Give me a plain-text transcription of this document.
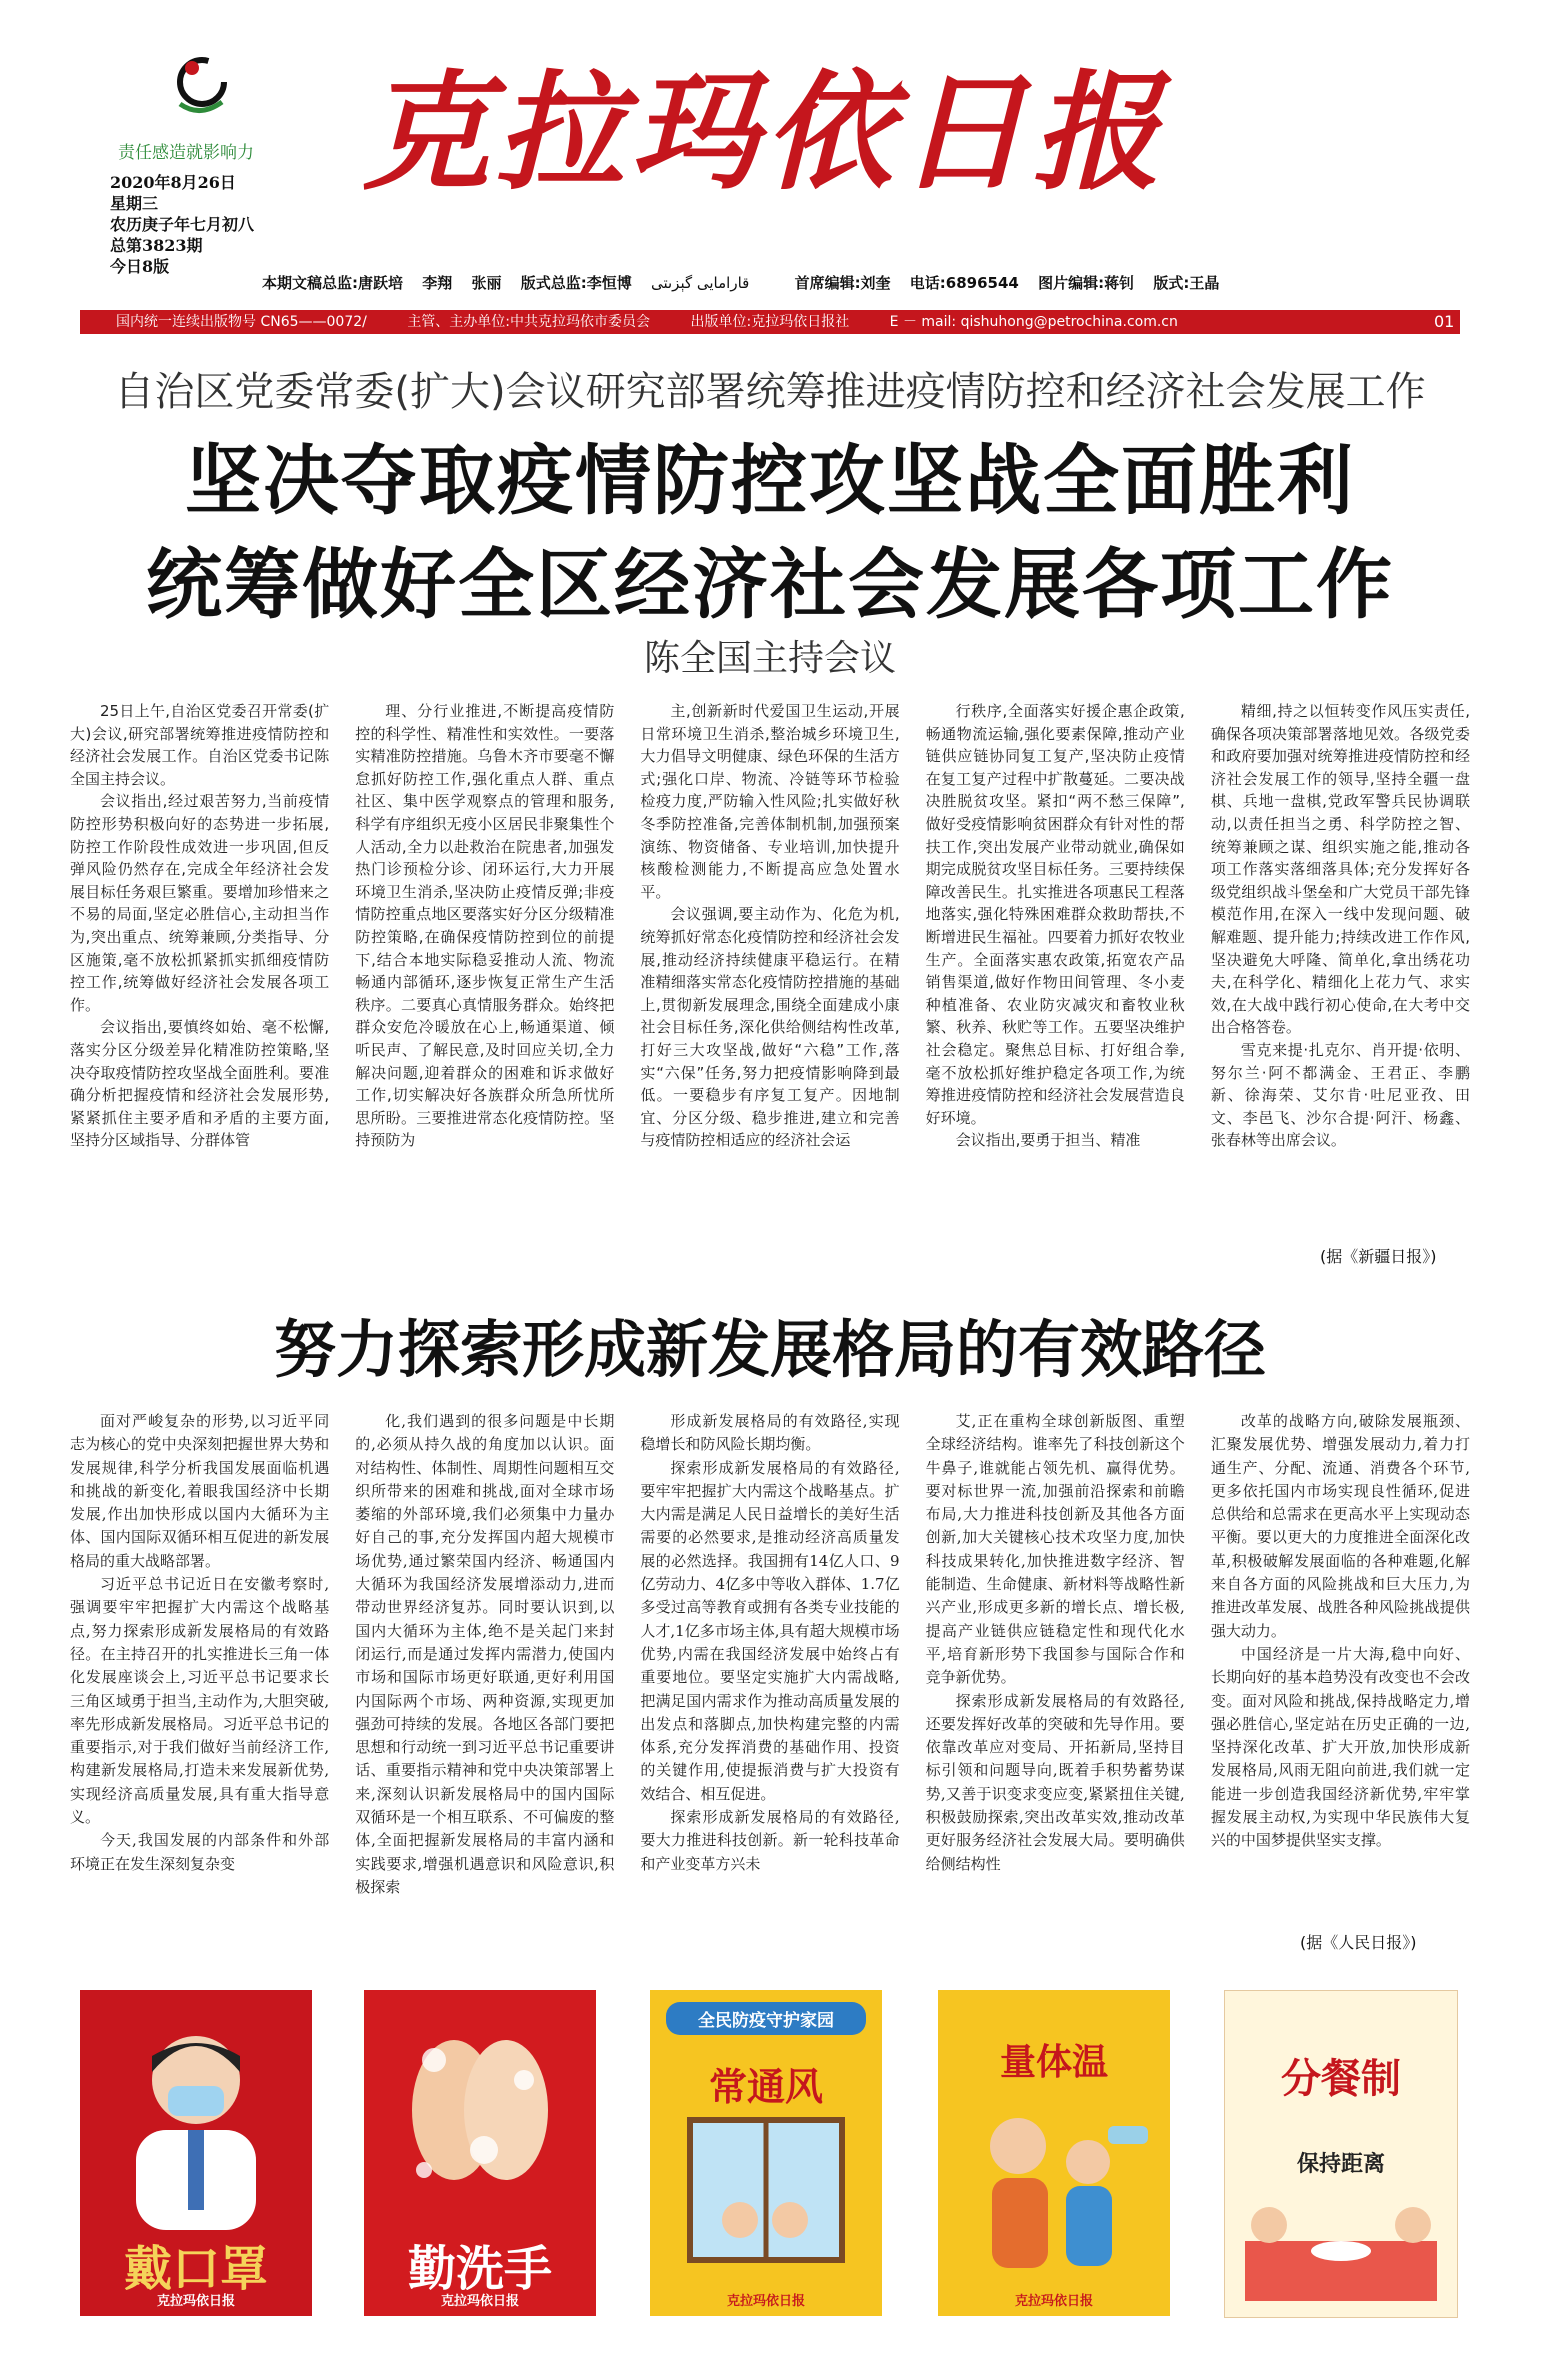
责任感造就影响力
2020年8月26日
星期三
农历庚子年七月初八
总第3823期
今日8版
克拉玛依日报
本期文稿总监:唐跃培 李翔 张丽 版式总监:李恒博 قارامايى گېزىتى	首席编辑:刘奎 电话:6896544 图片编辑:蒋钊 版式:王晶
国内统一连续出版物号 CN65——0072/	主管、主办单位:中共克拉玛依市委员会	出版单位:克拉玛依日报社	E － mail: qishuhong@petrochina.com.cn	01
自治区党委常委(扩大)会议研究部署统筹推进疫情防控和经济社会发展工作
坚决夺取疫情防控攻坚战全面胜利
统筹做好全区经济社会发展各项工作
陈全国主持会议

25日上午,自治区党委召开常委(扩大)会议,研究部署统筹推进疫情防控和经济社会发展工作。自治区党委书记陈全国主持会议。

会议指出,经过艰苦努力,当前疫情防控形势积极向好的态势进一步拓展,防控工作阶段性成效进一步巩固,但反弹风险仍然存在,完成全年经济社会发展目标任务艰巨繁重。要增加珍惜来之不易的局面,坚定必胜信心,主动担当作为,突出重点、统筹兼顾,分类指导、分区施策,毫不放松抓紧抓实抓细疫情防控工作,统筹做好经济社会发展各项工作。

会议指出,要慎终如始、毫不松懈,落实分区分级差异化精准防控策略,坚决夺取疫情防控攻坚战全面胜利。要准确分析把握疫情和经济社会发展形势,紧紧抓住主要矛盾和矛盾的主要方面,坚持分区域指导、分群体管

理、分行业推进,不断提高疫情防控的科学性、精准性和实效性。一要落实精准防控措施。乌鲁木齐市要毫不懈怠抓好防控工作,强化重点人群、重点社区、集中医学观察点的管理和服务,科学有序组织无疫小区居民非聚集性个人活动,全力以赴救治在院患者,加强发热门诊预检分诊、闭环运行,大力开展环境卫生消杀,坚决防止疫情反弹;非疫情防控重点地区要落实好分区分级精准防控策略,在确保疫情防控到位的前提下,结合本地实际稳妥推动人流、物流畅通内部循环,逐步恢复正常生产生活秩序。二要真心真情服务群众。始终把群众安危冷暖放在心上,畅通渠道、倾听民声、了解民意,及时回应关切,全力解决问题,迎着群众的困难和诉求做好工作,切实解决好各族群众所急所忧所思所盼。三要推进常态化疫情防控。坚持预防为

主,创新新时代爱国卫生运动,开展日常环境卫生消杀,整治城乡环境卫生,大力倡导文明健康、绿色环保的生活方式;强化口岸、物流、冷链等环节检验检疫力度,严防输入性风险;扎实做好秋冬季防控准备,完善体制机制,加强预案演练、物资储备、专业培训,加快提升核酸检测能力,不断提高应急处置水平。

会议强调,要主动作为、化危为机,统筹抓好常态化疫情防控和经济社会发展,推动经济持续健康平稳运行。在精准精细落实常态化疫情防控措施的基础上,贯彻新发展理念,围绕全面建成小康社会目标任务,深化供给侧结构性改革,打好三大攻坚战,做好“六稳”工作,落实“六保”任务,努力把疫情影响降到最低。一要稳步有序复工复产。因地制宜、分区分级、稳步推进,建立和完善与疫情防控相适应的经济社会运

行秩序,全面落实好援企惠企政策,畅通物流运输,强化要素保障,推动产业链供应链协同复工复产,坚决防止疫情在复工复产过程中扩散蔓延。二要决战决胜脱贫攻坚。紧扣“两不愁三保障”,做好受疫情影响贫困群众有针对性的帮扶工作,突出发展产业带动就业,确保如期完成脱贫攻坚目标任务。三要持续保障改善民生。扎实推进各项惠民工程落地落实,强化特殊困难群众救助帮扶,不断增进民生福祉。四要着力抓好农牧业生产。全面落实惠农政策,拓宽农产品销售渠道,做好作物田间管理、冬小麦种植准备、农业防灾减灾和畜牧业秋繁、秋养、秋贮等工作。五要坚决维护社会稳定。聚焦总目标、打好组合拳,毫不放松抓好维护稳定各项工作,为统筹推进疫情防控和经济社会发展营造良好环境。

会议指出,要勇于担当、精准

精细,持之以恒转变作风压实责任,确保各项决策部署落地见效。各级党委和政府要加强对统筹推进疫情防控和经济社会发展工作的领导,坚持全疆一盘棋、兵地一盘棋,党政军警兵民协调联动,以责任担当之勇、科学防控之智、统筹兼顾之谋、组织实施之能,推动各项工作落实落细落具体;充分发挥好各级党组织战斗堡垒和广大党员干部先锋模范作用,在深入一线中发现问题、破解难题、提升能力;持续改进工作作风,坚决避免大呼隆、简单化,拿出绣花功夫,在科学化、精细化上花力气、求实效,在大战中践行初心使命,在大考中交出合格答卷。

雪克来提·扎克尔、肖开提·依明、努尔兰·阿不都满金、王君正、李鹏新、徐海荣、艾尔肯·吐尼亚孜、田文、李邑飞、沙尔合提·阿汗、杨鑫、张春林等出席会议。

(据《新疆日报》)
努力探索形成新发展格局的有效路径

面对严峻复杂的形势,以习近平同志为核心的党中央深刻把握世界大势和发展规律,科学分析我国发展面临机遇和挑战的新变化,着眼我国经济中长期发展,作出加快形成以国内大循环为主体、国内国际双循环相互促进的新发展格局的重大战略部署。

习近平总书记近日在安徽考察时,强调要牢牢把握扩大内需这个战略基点,努力探索形成新发展格局的有效路径。在主持召开的扎实推进长三角一体化发展座谈会上,习近平总书记要求长三角区域勇于担当,主动作为,大胆突破,率先形成新发展格局。习近平总书记的重要指示,对于我们做好当前经济工作,构建新发展格局,打造未来发展新优势,实现经济高质量发展,具有重大指导意义。

今天,我国发展的内部条件和外部环境正在发生深刻复杂变

化,我们遇到的很多问题是中长期的,必须从持久战的角度加以认识。面对结构性、体制性、周期性问题相互交织所带来的困难和挑战,面对全球市场萎缩的外部环境,我们必须集中力量办好自己的事,充分发挥国内超大规模市场优势,通过繁荣国内经济、畅通国内大循环为我国经济发展增添动力,进而带动世界经济复苏。同时要认识到,以国内大循环为主体,绝不是关起门来封闭运行,而是通过发挥内需潜力,使国内市场和国际市场更好联通,更好利用国内国际两个市场、两种资源,实现更加强劲可持续的发展。各地区各部门要把思想和行动统一到习近平总书记重要讲话、重要指示精神和党中央决策部署上来,深刻认识新发展格局中的国内国际双循环是一个相互联系、不可偏废的整体,全面把握新发展格局的丰富内涵和实践要求,增强机遇意识和风险意识,积极探索

形成新发展格局的有效路径,实现稳增长和防风险长期均衡。

探索形成新发展格局的有效路径,要牢牢把握扩大内需这个战略基点。扩大内需是满足人民日益增长的美好生活需要的必然要求,是推动经济高质量发展的必然选择。我国拥有14亿人口、9亿劳动力、4亿多中等收入群体、1.7亿多受过高等教育或拥有各类专业技能的人才,1亿多市场主体,具有超大规模市场优势,内需在我国经济发展中始终占有重要地位。要坚定实施扩大内需战略,把满足国内需求作为推动高质量发展的出发点和落脚点,加快构建完整的内需体系,充分发挥消费的基础作用、投资的关键作用,使提振消费与扩大投资有效结合、相互促进。

探索形成新发展格局的有效路径,要大力推进科技创新。新一轮科技革命和产业变革方兴未

艾,正在重构全球创新版图、重塑全球经济结构。谁率先了科技创新这个牛鼻子,谁就能占领先机、赢得优势。要对标世界一流,加强前沿探索和前瞻布局,大力推进科技创新及其他各方面创新,加大关键核心技术攻坚力度,加快科技成果转化,加快推进数字经济、智能制造、生命健康、新材料等战略性新兴产业,形成更多新的增长点、增长极,提高产业链供应链稳定性和现代化水平,培育新形势下我国参与国际合作和竞争新优势。

探索形成新发展格局的有效路径,还要发挥好改革的突破和先导作用。要依靠改革应对变局、开拓新局,坚持目标引领和问题导向,既着手积势蓄势谋势,又善于识变求变应变,紧紧扭住关键,积极鼓励探索,突出改革实效,推动改革更好服务经济社会发展大局。要明确供给侧结构性

改革的战略方向,破除发展瓶颈、汇聚发展优势、增强发展动力,着力打通生产、分配、流通、消费各个环节,更多依托国内市场实现良性循环,促进总供给和总需求在更高水平上实现动态平衡。要以更大的力度推进全面深化改革,积极破解发展面临的各种难题,化解来自各方面的风险挑战和巨大压力,为推进改革发展、战胜各种风险挑战提供强大动力。

中国经济是一片大海,稳中向好、长期向好的基本趋势没有改变也不会改变。面对风险和挑战,保持战略定力,增强必胜信心,坚定站在历史正确的一边,坚持深化改革、扩大开放,加快形成新发展格局,风雨无阻向前进,我们就一定能进一步创造我国经济新优势,牢牢掌握发展主动权,为实现中华民族伟大复兴的中国梦提供坚实支撑。

(据《人民日报》)
戴口罩
克拉玛依日报
勤洗手
克拉玛依日报
全民防疫守护家园
常通风
克拉玛依日报
量体温
克拉玛依日报
分餐制
保持距离
